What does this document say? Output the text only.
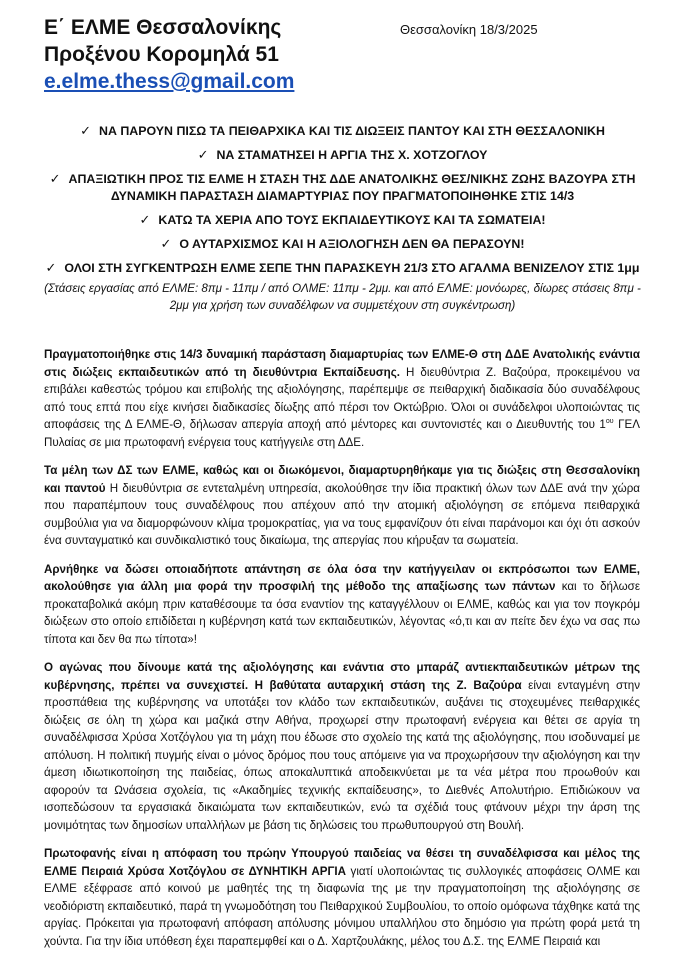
Ε΄ ΕΛΜΕ Θεσσαλονίκης
Προξένου Κορομηλά 51
e.elme.thess@gmail.com
Θεσσαλονίκη 18/3/2025
✓ ΝΑ ΠΑΡΟΥΝ ΠΙΣΩ ΤΑ ΠΕΙΘΑΡΧΙΚΑ ΚΑΙ ΤΙΣ ΔΙΩΞΕΙΣ ΠΑΝΤΟΥ ΚΑΙ ΣΤΗ ΘΕΣΣΑΛΟΝΙΚΗ
✓ ΝΑ ΣΤΑΜΑΤΗΣΕΙ Η ΑΡΓΙΑ ΤΗΣ Χ. ΧΟΤΖΟΓΛΟΥ
✓ ΑΠΑΞΙΩΤΙΚΗ ΠΡΟΣ ΤΙΣ ΕΛΜΕ Η ΣΤΑΣΗ ΤΗΣ ΔΔΕ ΑΝΑΤΟΛΙΚΗΣ ΘΕΣ/ΝΙΚΗΣ ΖΩΗΣ ΒΑΖΟΥΡΑ ΣΤΗ ΔΥΝΑΜΙΚΗ ΠΑΡΑΣΤΑΣΗ ΔΙΑΜΑΡΤΥΡΙΑΣ ΠΟΥ ΠΡΑΓΜΑΤΟΠΟΙΗΘΗΚΕ ΣΤΙΣ 14/3
✓ ΚΑΤΩ ΤΑ ΧΕΡΙΑ ΑΠΟ ΤΟΥΣ ΕΚΠΑΙΔΕΥΤΙΚΟΥΣ ΚΑΙ ΤΑ ΣΩΜΑΤΕΙΑ!
✓ Ο ΑΥΤΑΡΧΙΣΜΟΣ ΚΑΙ Η ΑΞΙΟΛΟΓΗΣΗ ΔΕΝ ΘΑ ΠΕΡΑΣΟΥΝ!
✓ ΟΛΟΙ ΣΤΗ ΣΥΓΚΕΝΤΡΩΣΗ ΕΛΜΕ ΣΕΠΕ ΤΗΝ ΠΑΡΑΣΚΕΥΗ 21/3 ΣΤΟ ΑΓΑΛΜΑ ΒΕΝΙΖΕΛΟΥ ΣΤΙΣ 1μμ
(Στάσεις εργασίας από ΕΛΜΕ: 8πμ - 11πμ / από ΟΛΜΕ: 11πμ - 2μμ. και από ΕΛΜΕ: μονόωρες, δίωρες στάσεις 8πμ - 2μμ για χρήση των συναδέλφων να συμμετέχουν στη συγκέντρωση)

Πραγματοποιήθηκε στις 14/3 δυναμική παράσταση διαμαρτυρίας των ΕΛΜΕ-Θ στη ΔΔΕ Ανατολικής ενάντια στις διώξεις εκπαιδευτικών από τη διευθύντρια Εκπαίδευσης. Η διευθύντρια Ζ. Βαζούρα, προκειμένου να επιβάλει καθεστώς τρόμου και επιβολής της αξιολόγησης, παρέπεμψε σε πειθαρχική διαδικασία δύο συναδέλφους από τους επτά που είχε κινήσει διαδικασίες δίωξης από πέρσι τον Οκτώβριο. Όλοι οι συνάδελφοι υλοποιώντας τις αποφάσεις της Δ ΕΛΜΕ-Θ, δήλωσαν απεργία αποχή από μέντορες και συντονιστές και ο Διευθυντής του $1^{o\upsilon}$ ΓΕΛ Πυλαίας σε μια πρωτοφανή ενέργεια τους κατήγγειλε στη ΔΔΕ.

Τα μέλη των ΔΣ των ΕΛΜΕ, καθώς και οι διωκόμενοι, διαμαρτυρηθήκαμε για τις διώξεις στη Θεσσαλονίκη και παντού Η διευθύντρια σε εντεταλμένη υπηρεσία, ακολούθησε την ίδια πρακτική όλων των ΔΔΕ ανά την χώρα που παραπέμπουν τους συναδέλφους που απέχουν από την ατομική αξιολόγηση σε επόμενα πειθαρχικά συμβούλια για να διαμορφώνουν κλίμα τρομοκρατίας, για να τους εμφανίζουν ότι είναι παράνομοι και όχι ότι ασκούν ένα συνταγματικό και συνδικαλιστικό τους δικαίωμα, της απεργίας που κήρυξαν τα σωματεία.

Αρνήθηκε να δώσει οποιαδήποτε απάντηση σε όλα όσα την κατήγγειλαν οι εκπρόσωποι των ΕΛΜΕ, ακολούθησε για άλλη μια φορά την προσφιλή της μέθοδο της απαξίωσης των πάντων και το δήλωσε προκαταβολικά ακόμη πριν καταθέσουμε τα όσα εναντίον της καταγγέλλουν οι ΕΛΜΕ, καθώς και για τον πογκρόμ διώξεων στο οποίο επιδίδεται η κυβέρνηση κατά των εκπαιδευτικών, λέγοντας «ό,τι και αν πείτε δεν έχω να σας πω τίποτα και δεν θα πω τίποτα»!

Ο αγώνας που δίνουμε κατά της αξιολόγησης και ενάντια στο μπαράζ αντιεκπαιδευτικών μέτρων της κυβέρνησης, πρέπει να συνεχιστεί. Η βαθύτατα αυταρχική στάση της Ζ. Βαζούρα είναι ενταγμένη στην προσπάθεια της κυβέρνησης να υποτάξει τον κλάδο των εκπαιδευτικών, αυξάνει τις στοχευμένες πειθαρχικές διώξεις σε όλη τη χώρα και μαζικά στην Αθήνα, προχωρεί στην πρωτοφανή ενέργεια και θέτει σε αργία τη συναδέλφισσα Χρύσα Χοτζόγλου για τη μάχη που έδωσε στο σχολείο της κατά της αξιολόγησης, που ισοδυναμεί με απόλυση. Η πολιτική πυγμής είναι ο μόνος δρόμος που τους απόμεινε για να προχωρήσουν την αξιολόγηση και την άμεση ιδιωτικοποίηση της παιδείας, όπως αποκαλυπτικά αποδεικνύεται με τα νέα μέτρα που προωθούν και αφορούν τα Ωνάσεια σχολεία, τις «Ακαδημίες τεχνικής εκπαίδευσης», το Διεθνές Απολυτήριο. Επιδιώκουν να ισοπεδώσουν τα εργασιακά δικαιώματα των εκπαιδευτικών, ενώ τα σχέδιά τους φτάνουν μέχρι την άρση της μονιμότητας των δημοσίων υπαλλήλων με βάση τις δηλώσεις του πρωθυπουργού στη Βουλή.

Πρωτοφανής είναι η απόφαση του πρώην Υπουργού παιδείας να θέσει τη συναδέλφισσα και μέλος της ΕΛΜΕ Πειραιά Χρύσα Χοτζόγλου σε ΔΥΝΗΤΙΚΗ ΑΡΓΙΑ γιατί υλοποιώντας τις συλλογικές αποφάσεις ΟΛΜΕ και ΕΛΜΕ εξέφρασε από κοινού με μαθητές της τη διαφωνία της με την πραγματοποίηση της αξιολόγησης σε νεοδιόριστη εκπαιδευτικό, παρά τη γνωμοδότηση του Πειθαρχικού Συμβουλίου, το οποίο ομόφωνα τάχθηκε κατά της αργίας. Πρόκειται για πρωτοφανή απόφαση απόλυσης μόνιμου υπαλλήλου στο δημόσιο για πρώτη φορά μετά τη χούντα. Για την ίδια υπόθεση έχει παραπεμφθεί και ο Δ. Χαρτζουλάκης, μέλος του Δ.Σ. της ΕΛΜΕ Πειραιά και
